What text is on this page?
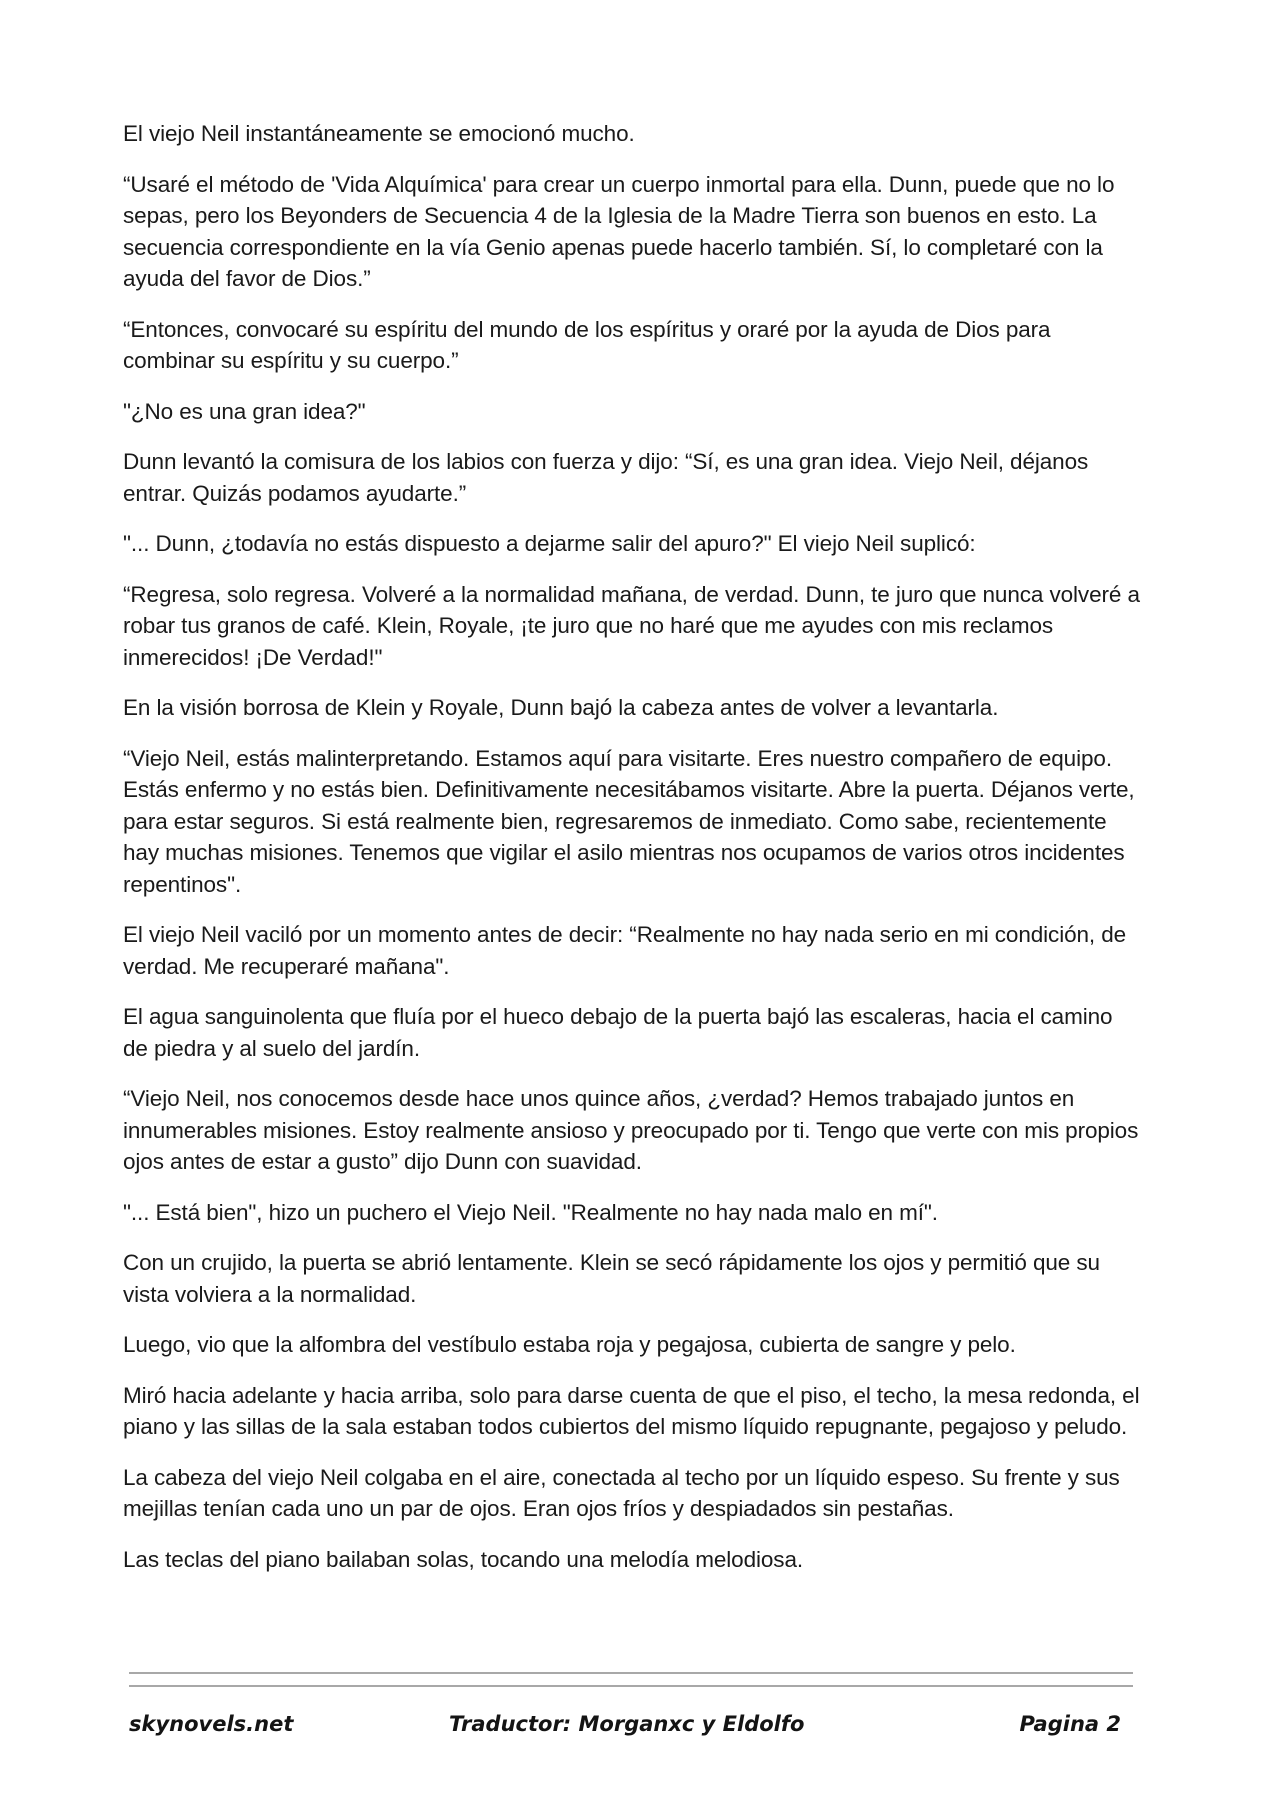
El viejo Neil instantáneamente se emocionó mucho.

“Usaré el método de 'Vida Alquímica' para crear un cuerpo inmortal para ella. Dunn, puede que no lo sepas, pero los Beyonders de Secuencia 4 de la Iglesia de la Madre Tierra son buenos en esto. La secuencia correspondiente en la vía Genio apenas puede hacerlo también. Sí, lo completaré con la ayuda del favor de Dios.”

“Entonces, convocaré su espíritu del mundo de los espíritus y oraré por la ayuda de Dios para combinar su espíritu y su cuerpo.”

"¿No es una gran idea?"

Dunn levantó la comisura de los labios con fuerza y dijo: “Sí, es una gran idea. Viejo Neil, déjanos entrar. Quizás podamos ayudarte.”

"... Dunn, ¿todavía no estás dispuesto a dejarme salir del apuro?" El viejo Neil suplicó:

“Regresa, solo regresa. Volveré a la normalidad mañana, de verdad. Dunn, te juro que nunca volveré a robar tus granos de café. Klein, Royale, ¡te juro que no haré que me ayudes con mis reclamos inmerecidos! ¡De Verdad!"

En la visión borrosa de Klein y Royale, Dunn bajó la cabeza antes de volver a levantarla.

“Viejo Neil, estás malinterpretando. Estamos aquí para visitarte. Eres nuestro compañero de equipo. Estás enfermo y no estás bien. Definitivamente necesitábamos visitarte. Abre la puerta. Déjanos verte, para estar seguros. Si está realmente bien, regresaremos de inmediato. Como sabe, recientemente hay muchas misiones. Tenemos que vigilar el asilo mientras nos ocupamos de varios otros incidentes repentinos".

El viejo Neil vaciló por un momento antes de decir: “Realmente no hay nada serio en mi condición, de verdad. Me recuperaré mañana".

El agua sanguinolenta que fluía por el hueco debajo de la puerta bajó las escaleras, hacia el camino de piedra y al suelo del jardín.

“Viejo Neil, nos conocemos desde hace unos quince años, ¿verdad? Hemos trabajado juntos en innumerables misiones. Estoy realmente ansioso y preocupado por ti. Tengo que verte con mis propios ojos antes de estar a gusto” dijo Dunn con suavidad.

"... Está bien", hizo un puchero el Viejo Neil. "Realmente no hay nada malo en mí".

Con un crujido, la puerta se abrió lentamente. Klein se secó rápidamente los ojos y permitió que su vista volviera a la normalidad.

Luego, vio que la alfombra del vestíbulo estaba roja y pegajosa, cubierta de sangre y pelo.

Miró hacia adelante y hacia arriba, solo para darse cuenta de que el piso, el techo, la mesa redonda, el piano y las sillas de la sala estaban todos cubiertos del mismo líquido repugnante, pegajoso y peludo.

La cabeza del viejo Neil colgaba en el aire, conectada al techo por un líquido espeso. Su frente y sus mejillas tenían cada uno un par de ojos. Eran ojos fríos y despiadados sin pestañas.

Las teclas del piano bailaban solas, tocando una melodía melodiosa.

skynovels.net	Traductor: Morganxc y Eldolfo	Pagina 2
